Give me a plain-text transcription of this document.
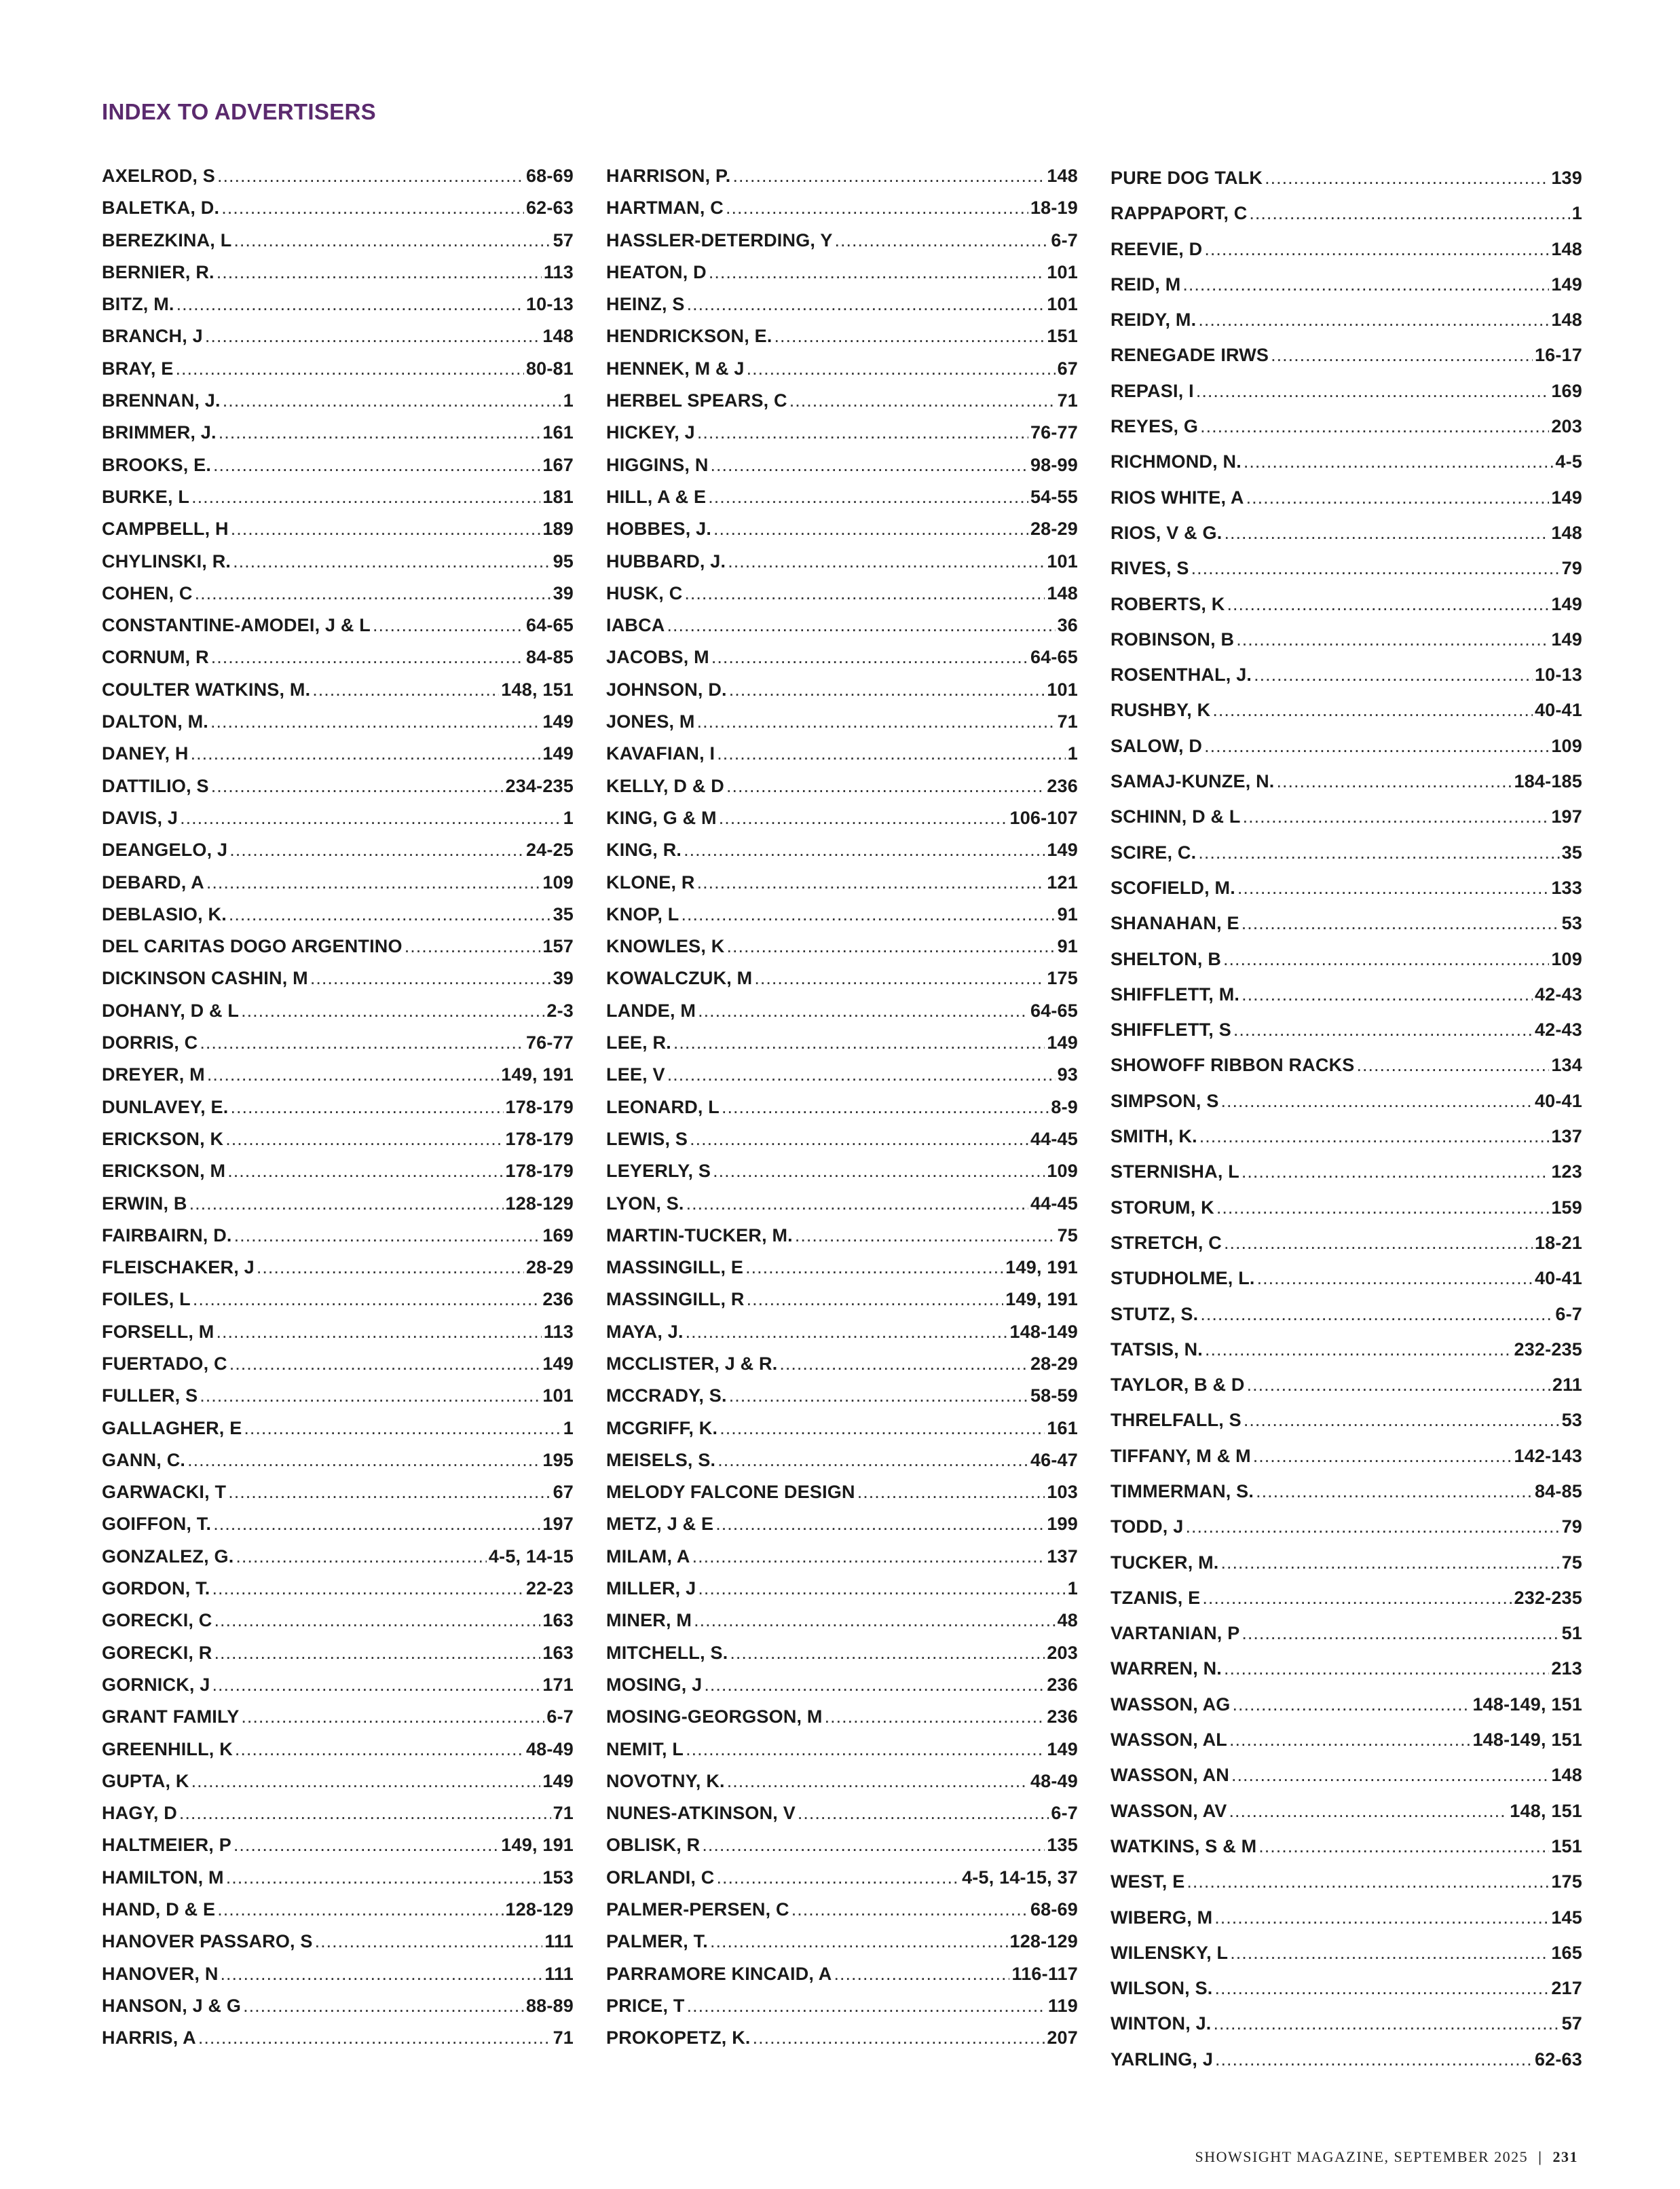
INDEX TO ADVERTISERS
AXELROD, S .....	68-69
BALETKA, D. .....	62-63
BEREZKINA, L .....	57
BERNIER, R. .....	113
BITZ, M. .....	10-13
BRANCH, J .....	148
BRAY, E .....	80-81
BRENNAN, J. .....	1
BRIMMER, J. .....	161
BROOKS, E. .....	167
BURKE, L .....	181
CAMPBELL, H .....	189
CHYLINSKI, R. .....	95
COHEN, C .....	39
CONSTANTINE-AMODEI, J & L .....	64-65
CORNUM, R .....	84-85
COULTER WATKINS, M. .....	148, 151
DALTON, M. .....	149
DANEY, H .....	149
DATTILIO, S .....	234-235
DAVIS, J .....	1
DEANGELO, J .....	24-25
DEBARD, A .....	109
DEBLASIO, K. .....	35
DEL CARITAS DOGO ARGENTINO .....	157
DICKINSON CASHIN, M .....	39
DOHANY, D & L .....	2-3
DORRIS, C .....	76-77
DREYER, M .....	149, 191
DUNLAVEY, E. .....	178-179
ERICKSON, K .....	178-179
ERICKSON, M .....	178-179
ERWIN, B .....	128-129
FAIRBAIRN, D. .....	169
FLEISCHAKER, J .....	28-29
FOILES, L .....	236
FORSELL, M .....	113
FUERTADO, C .....	149
FULLER, S .....	101
GALLAGHER, E .....	1
GANN, C. .....	195
GARWACKI, T .....	67
GOIFFON, T. .....	197
GONZALEZ, G. .....	4-5, 14-15
GORDON, T. .....	22-23
GORECKI, C .....	163
GORECKI, R .....	163
GORNICK, J .....	171
GRANT FAMILY .....	6-7
GREENHILL, K .....	48-49
GUPTA, K .....	149
HAGY, D .....	71
HALTMEIER, P .....	149, 191
HAMILTON, M .....	153
HAND, D & E .....	128-129
HANOVER PASSARO, S .....	111
HANOVER, N .....	111
HANSON, J & G .....	88-89
HARRIS, A .....	71
HARRISON, P. .....	148
HARTMAN, C .....	18-19
HASSLER-DETERDING, Y .....	6-7
HEATON, D .....	101
HEINZ, S .....	101
HENDRICKSON, E. .....	151
HENNEK, M & J .....	67
HERBEL SPEARS, C .....	71
HICKEY, J .....	76-77
HIGGINS, N .....	98-99
HILL, A & E .....	54-55
HOBBES, J. .....	28-29
HUBBARD, J. .....	101
HUSK, C .....	148
IABCA .....	36
JACOBS, M .....	64-65
JOHNSON, D. .....	101
JONES, M .....	71
KAVAFIAN, I .....	1
KELLY, D & D .....	236
KING, G & M .....	106-107
KING, R. .....	149
KLONE, R .....	121
KNOP, L .....	91
KNOWLES, K .....	91
KOWALCZUK, M .....	175
LANDE, M .....	64-65
LEE, R. .....	149
LEE, V .....	93
LEONARD, L .....	8-9
LEWIS, S .....	44-45
LEYERLY, S .....	109
LYON, S. .....	44-45
MARTIN-TUCKER, M. .....	75
MASSINGILL, E .....	149, 191
MASSINGILL, R .....	149, 191
MAYA, J. .....	148-149
MCCLISTER, J & R. .....	28-29
MCCRADY, S. .....	58-59
MCGRIFF, K. .....	161
MEISELS, S. .....	46-47
MELODY FALCONE DESIGN .....	103
METZ, J & E .....	199
MILAM, A .....	137
MILLER, J .....	1
MINER, M .....	48
MITCHELL, S. .....	203
MOSING, J .....	236
MOSING-GEORGSON, M .....	236
NEMIT, L .....	149
NOVOTNY, K. .....	48-49
NUNES-ATKINSON, V .....	6-7
OBLISK, R .....	135
ORLANDI, C .....	4-5, 14-15, 37
PALMER-PERSEN, C .....	68-69
PALMER, T. .....	128-129
PARRAMORE KINCAID, A .....	116-117
PRICE, T .....	119
PROKOPETZ, K. .....	207
PURE DOG TALK .....	139
RAPPAPORT, C .....	1
REEVIE, D .....	148
REID, M .....	149
REIDY, M. .....	148
RENEGADE IRWS .....	16-17
REPASI, I .....	169
REYES, G .....	203
RICHMOND, N. .....	4-5
RIOS WHITE, A .....	149
RIOS, V & G. .....	148
RIVES, S .....	79
ROBERTS, K .....	149
ROBINSON, B .....	149
ROSENTHAL, J. .....	10-13
RUSHBY, K .....	40-41
SALOW, D .....	109
SAMAJ-KUNZE, N. .....	184-185
SCHINN, D & L .....	197
SCIRE, C. .....	35
SCOFIELD, M. .....	133
SHANAHAN, E .....	53
SHELTON, B .....	109
SHIFFLETT, M. .....	42-43
SHIFFLETT, S .....	42-43
SHOWOFF RIBBON RACKS .....	134
SIMPSON, S .....	40-41
SMITH, K. .....	137
STERNISHA, L .....	123
STORUM, K .....	159
STRETCH, C .....	18-21
STUDHOLME, L. .....	40-41
STUTZ, S. .....	6-7
TATSIS, N. .....	232-235
TAYLOR, B & D .....	211
THRELFALL, S .....	53
TIFFANY, M & M .....	142-143
TIMMERMAN, S. .....	84-85
TODD, J .....	79
TUCKER, M. .....	75
TZANIS, E .....	232-235
VARTANIAN, P .....	51
WARREN, N. .....	213
WASSON, AG .....	148-149, 151
WASSON, AL .....	148-149, 151
WASSON, AN .....	148
WASSON, AV .....	148, 151
WATKINS, S & M .....	151
WEST, E .....	175
WIBERG, M .....	145
WILENSKY, L .....	165
WILSON, S. .....	217
WINTON, J. .....	57
YARLING, J .....	62-63
SHOWSIGHT MAGAZINE, SEPTEMBER 2025 | 231
